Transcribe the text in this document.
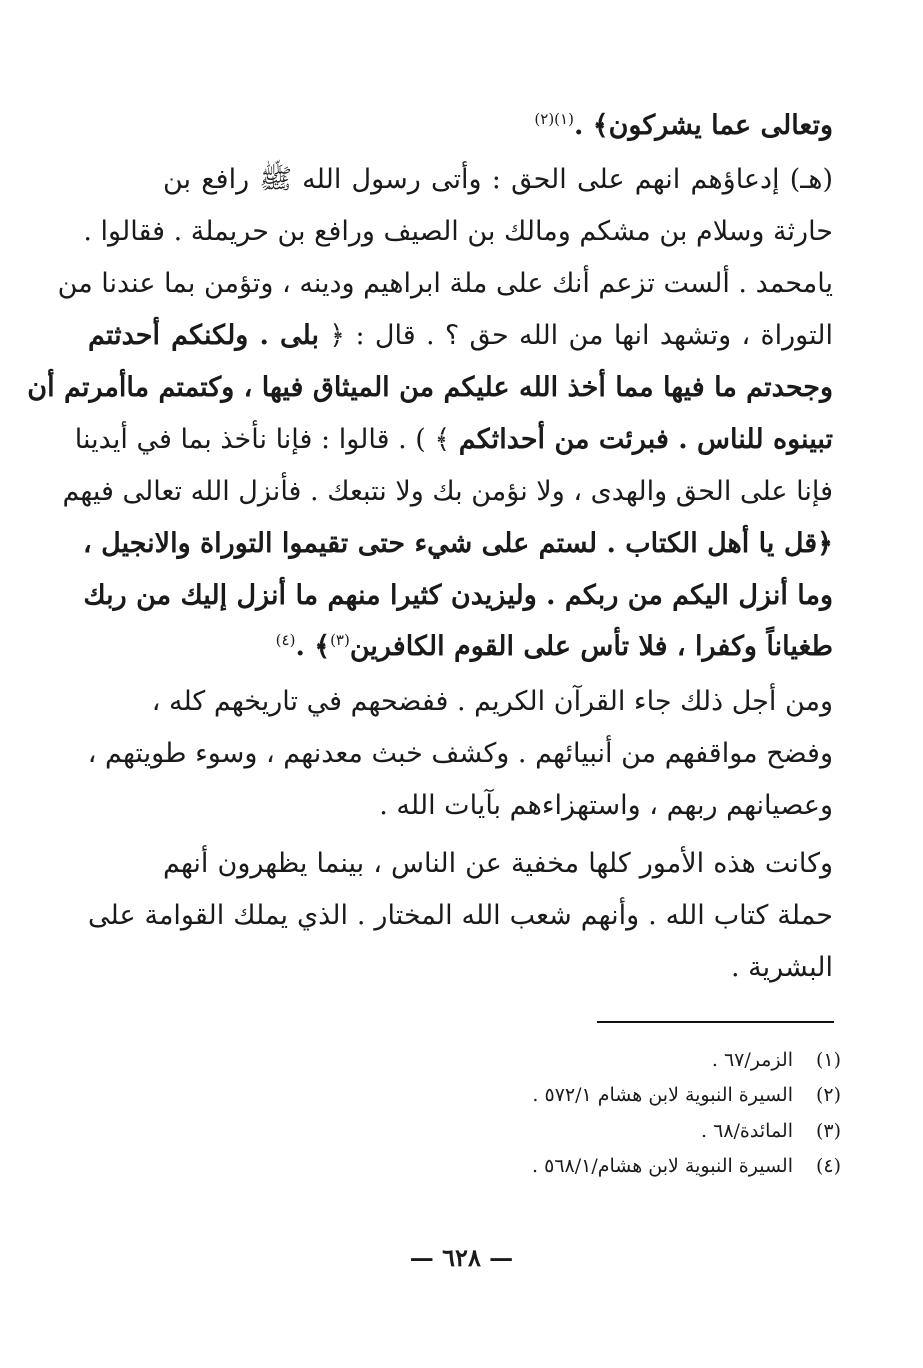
وتعالى عما يشركون﴾ .$^{(١)(٢)}$
(هـ) إدعاؤهم انهم على الحق : وأتى رسول الله ﷺ رافع بن
حارثة وسلام بن مشكم ومالك بن الصيف ورافع بن حريملة . فقالوا .
يامحمد . ألست تزعم أنك على ملة ابراهيم ودينه ، وتؤمن بما عندنا من
التوراة ، وتشهد انها من الله حق ؟ . قال : ﴿ بلى . ولكنكم أحدثتم
وجحدتم ما فيها مما أخذ الله عليكم من الميثاق فيها ، وكتمتم ماأمرتم أن
تبينوه للناس . فبرئت من أحداثكم ﴾ ) . قالوا : فإنا نأخذ بما في أيدينا
فإنا على الحق والهدى ، ولا نؤمن بك ولا نتبعك . فأنزل الله تعالى فيهم
﴿قل يا أهل الكتاب . لستم على شيء حتى تقيموا التوراة والانجيل ،
وما أنزل اليكم من ربكم . وليزيدن كثيرا منهم ما أنزل إليك من ربك
طغياناً وكفرا ، فلا تأس على القوم الكافرين$^{(٣)}$﴾ .$^{(٤)}$
ومن أجل ذلك جاء القرآن الكريم . ففضحهم في تاريخهم كله ،
وفضح مواقفهم من أنبيائهم . وكشف خبث معدنهم ، وسوء طويتهم ،
وعصيانهم ربهم ، واستهزاءهم بآيات الله .
وكانت هذه الأمور كلها مخفية عن الناس ، بينما يظهرون أنهم
حملة كتاب الله . وأنهم شعب الله المختار . الذي يملك القوامة على
البشرية .
(١)الزمر/٦٧ .
(٢)السيرة النبوية لابن هشام ٥٧٢/١ .
(٣)المائدة/٦٨ .
(٤)السيرة النبوية لابن هشام/٥٦٨/١ .
— ٦٢٨ —
